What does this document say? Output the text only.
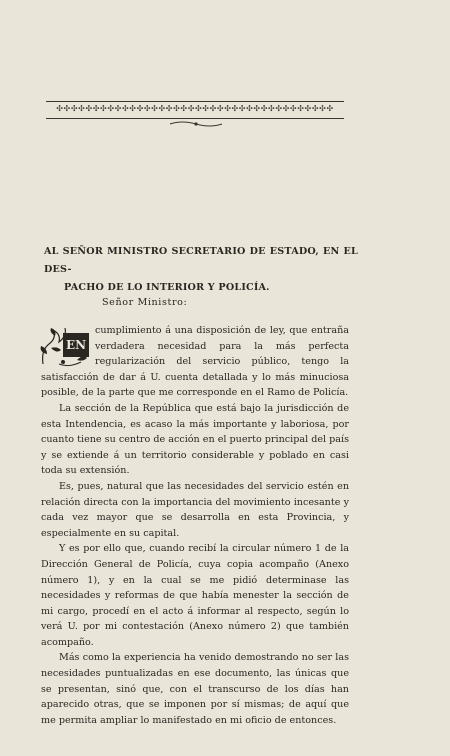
✣✣✣✣✣✣✣✣✣✣✣✣✣✣✣✣✣✣✣✣✣✣✣✣✣✣✣✣✣✣✣✣✣✣✣✣✣✣
AL SEÑOR MINISTRO SECRETARIO DE ESTADO, EN EL DES-
PACHO DE LO INTERIOR Y POLICÍA.

Señor Ministro:

EN
cumplimiento á una disposición de ley, que entraña verdadera necesidad para la más perfecta regularización del servicio público, tengo la satisfacción de dar á U. cuenta detallada y lo más minuciosa posible, de la parte que me corresponde en el Ramo de Policía.

La sección de la República que está bajo la jurisdicción de esta Intendencia, es acaso la más importante y laboriosa, por cuanto tiene su centro de acción en el puerto principal del país y se extiende á un territorio considerable y poblado en casi toda su extensión.

Es, pues, natural que las necesidades del servicio estén en relación directa con la importancia del movimiento incesante y cada vez mayor que se desarrolla en esta Provincia, y especialmente en su capital.

Y es por ello que, cuando recibí la circular número 1 de la Dirección General de Policía, cuya copia acompaño (Anexo número 1), y en la cual se me pidió determinase las necesidades y reformas de que había menester la sección de mi cargo, procedí en el acto á informar al respecto, según lo verá U. por mi contestación (Anexo número 2) que también acompaño.

Más como la experiencia ha venido demostrando no ser las necesidades puntualizadas en ese documento, las únicas que se presentan, sinó que, con el transcurso de los días han aparecido otras, que se imponen por sí mismas; de aquí que me permita ampliar lo manifestado en mi oficio de entonces.
